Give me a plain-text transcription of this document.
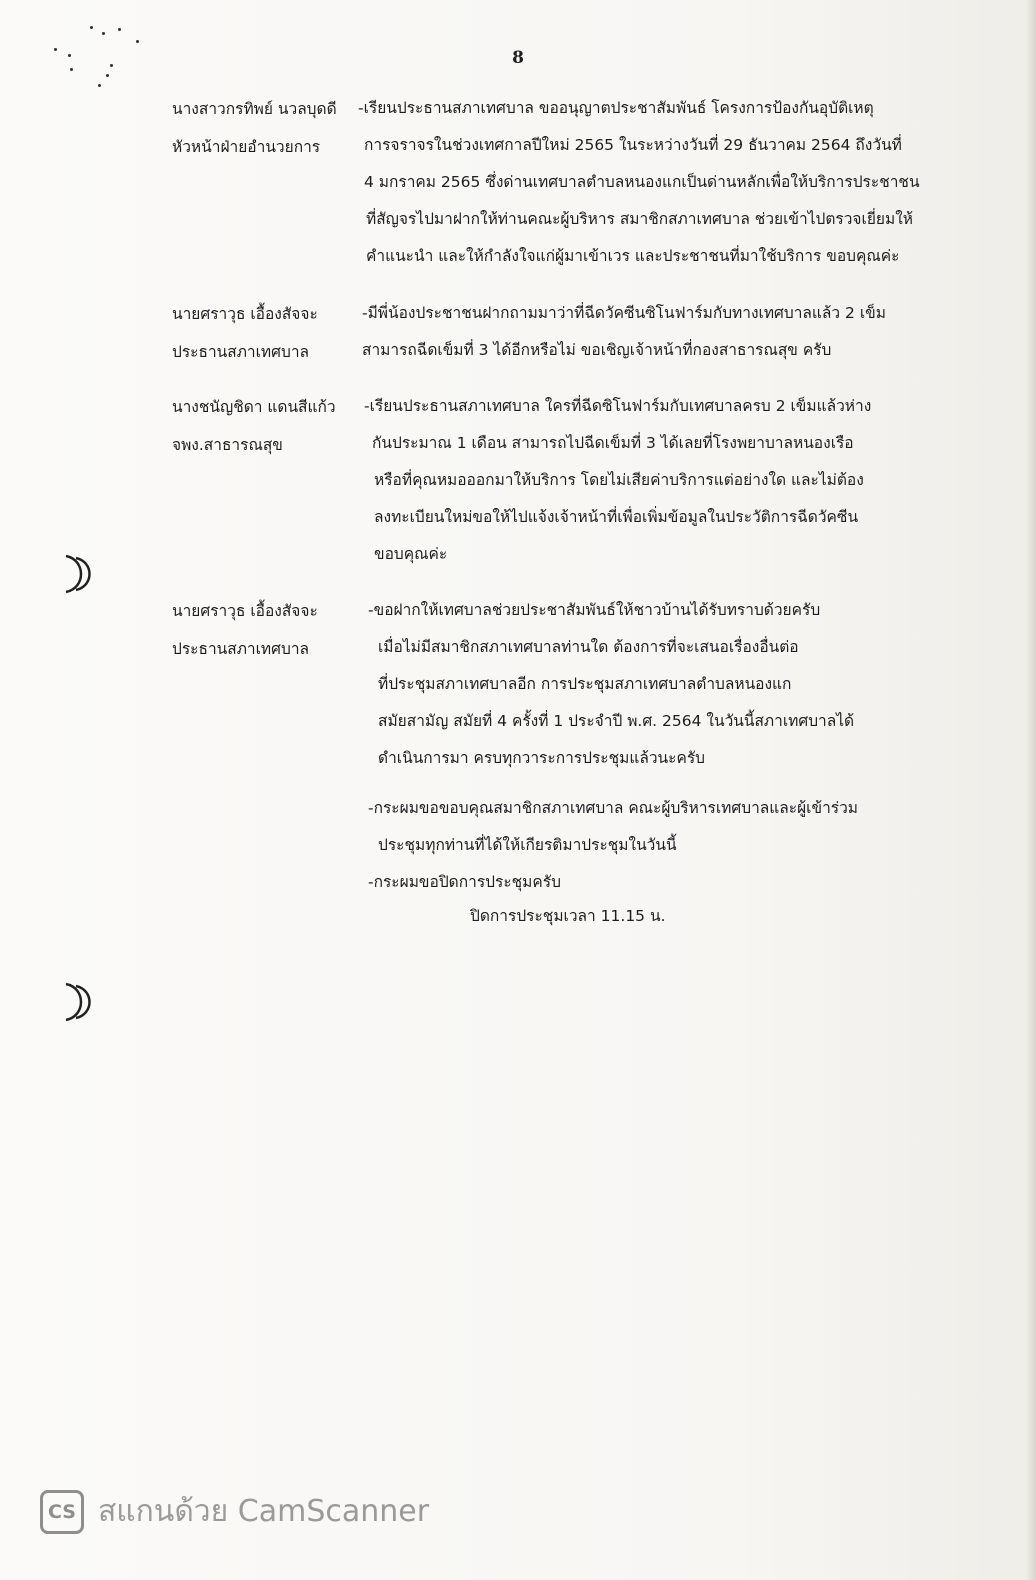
8
นางสาวกรทิพย์ นวลบุดดี
หัวหน้าฝ่ายอำนวยการ
-เรียนประธานสภาเทศบาล ขออนุญาตประชาสัมพันธ์ โครงการป้องกันอุบัติเหตุ
การจราจรในช่วงเทศกาลปีใหม่ 2565 ในระหว่างวันที่ 29 ธันวาคม 2564 ถึงวันที่
4 มกราคม 2565 ซึ่งด่านเทศบาลตำบลหนองแกเป็นด่านหลักเพื่อให้บริการประชาชน
ที่สัญจรไปมาฝากให้ท่านคณะผู้บริหาร สมาชิกสภาเทศบาล ช่วยเข้าไปตรวจเยี่ยมให้
คำแนะนำ และให้กำลังใจแก่ผู้มาเข้าเวร และประชาชนที่มาใช้บริการ ขอบคุณค่ะ
นายศราวุธ เอื้องสัจจะ
ประธานสภาเทศบาล
-มีพี่น้องประชาชนฝากถามมาว่าที่ฉีดวัคซีนซิโนฟาร์มกับทางเทศบาลแล้ว 2 เข็ม
สามารถฉีดเข็มที่ 3 ได้อีกหรือไม่ ขอเชิญเจ้าหน้าที่กองสาธารณสุข ครับ
นางชนัญชิดา แดนสีแก้ว
จพง.สาธารณสุข
-เรียนประธานสภาเทศบาล ใครที่ฉีดซิโนฟาร์มกับเทศบาลครบ 2 เข็มแล้วห่าง
กันประมาณ 1 เดือน สามารถไปฉีดเข็มที่ 3 ได้เลยที่โรงพยาบาลหนองเรือ
หรือที่คุณหมอออกมาให้บริการ โดยไม่เสียค่าบริการแต่อย่างใด และไม่ต้อง
ลงทะเบียนใหม่ขอให้ไปแจ้งเจ้าหน้าที่เพื่อเพิ่มข้อมูลในประวัติการฉีดวัคซีน
ขอบคุณค่ะ
นายศราวุธ เอื้องสัจจะ
ประธานสภาเทศบาล
-ขอฝากให้เทศบาลช่วยประชาสัมพันธ์ให้ชาวบ้านได้รับทราบด้วยครับ
เมื่อไม่มีสมาชิกสภาเทศบาลท่านใด ต้องการที่จะเสนอเรื่องอื่นต่อ
ที่ประชุมสภาเทศบาลอีก การประชุมสภาเทศบาลตำบลหนองแก
สมัยสามัญ สมัยที่ 4 ครั้งที่ 1 ประจำปี พ.ศ. 2564 ในวันนี้สภาเทศบาลได้
ดำเนินการมา ครบทุกวาระการประชุมแล้วนะครับ
-กระผมขอขอบคุณสมาชิกสภาเทศบาล คณะผู้บริหารเทศบาลและผู้เข้าร่วม
ประชุมทุกท่านที่ได้ให้เกียรติมาประชุมในวันนี้
-กระผมขอปิดการประชุมครับ
ปิดการประชุมเวลา 11.15 น.
CS สแกนด้วย CamScanner
